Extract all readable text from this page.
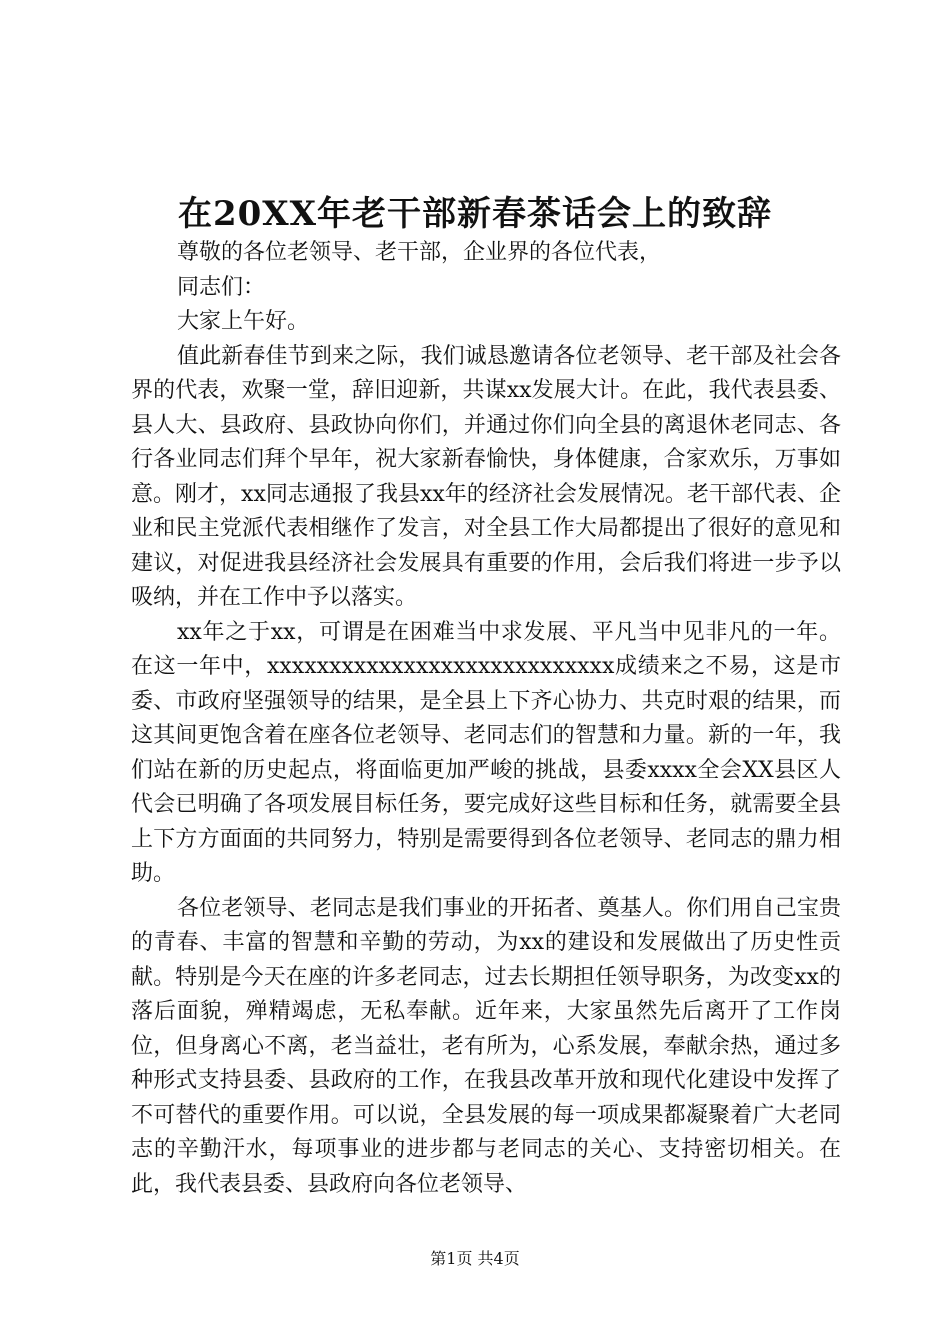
在20XX年老干部新春茶话会上的致辞

尊敬的各位老领导、老干部，企业界的各位代表，

同志们：

大家上午好。

值此新春佳节到来之际，我们诚恳邀请各位老领导、老干部及社会各界的代表，欢聚一堂，辞旧迎新，共谋xx发展大计。在此，我代表县委、县人大、县政府、县政协向你们，并通过你们向全县的离退休老同志、各行各业同志们拜个早年，祝大家新春愉快，身体健康，合家欢乐，万事如意。刚才，xx同志通报了我县xx年的经济社会发展情况。老干部代表、企业和民主党派代表相继作了发言，对全县工作大局都提出了很好的意见和建议，对促进我县经济社会发展具有重要的作用，会后我们将进一步予以吸纳，并在工作中予以落实。

xx年之于xx，可谓是在困难当中求发展、平凡当中见非凡的一年。在这一年中，xxxxxxxxxxxxxxxxxxxxxxxxxxxx成绩来之不易，这是市委、市政府坚强领导的结果，是全县上下齐心协力、共克时艰的结果，而这其间更饱含着在座各位老领导、老同志们的智慧和力量。新的一年，我们站在新的历史起点，将面临更加严峻的挑战，县委xxxx全会XX县区人代会已明确了各项发展目标任务，要完成好这些目标和任务，就需要全县上下方方面面的共同努力，特别是需要得到各位老领导、老同志的鼎力相助。

各位老领导、老同志是我们事业的开拓者、奠基人。你们用自己宝贵的青春、丰富的智慧和辛勤的劳动，为xx的建设和发展做出了历史性贡献。特别是今天在座的许多老同志，过去长期担任领导职务，为改变xx的落后面貌，殚精竭虑，无私奉献。近年来，大家虽然先后离开了工作岗位，但身离心不离，老当益壮，老有所为，心系发展，奉献余热，通过多种形式支持县委、县政府的工作，在我县改革开放和现代化建设中发挥了不可替代的重要作用。可以说，全县发展的每一项成果都凝聚着广大老同志的辛勤汗水，每项事业的进步都与老同志的关心、支持密切相关。在此，我代表县委、县政府向各位老领导、

第1页 共4页
